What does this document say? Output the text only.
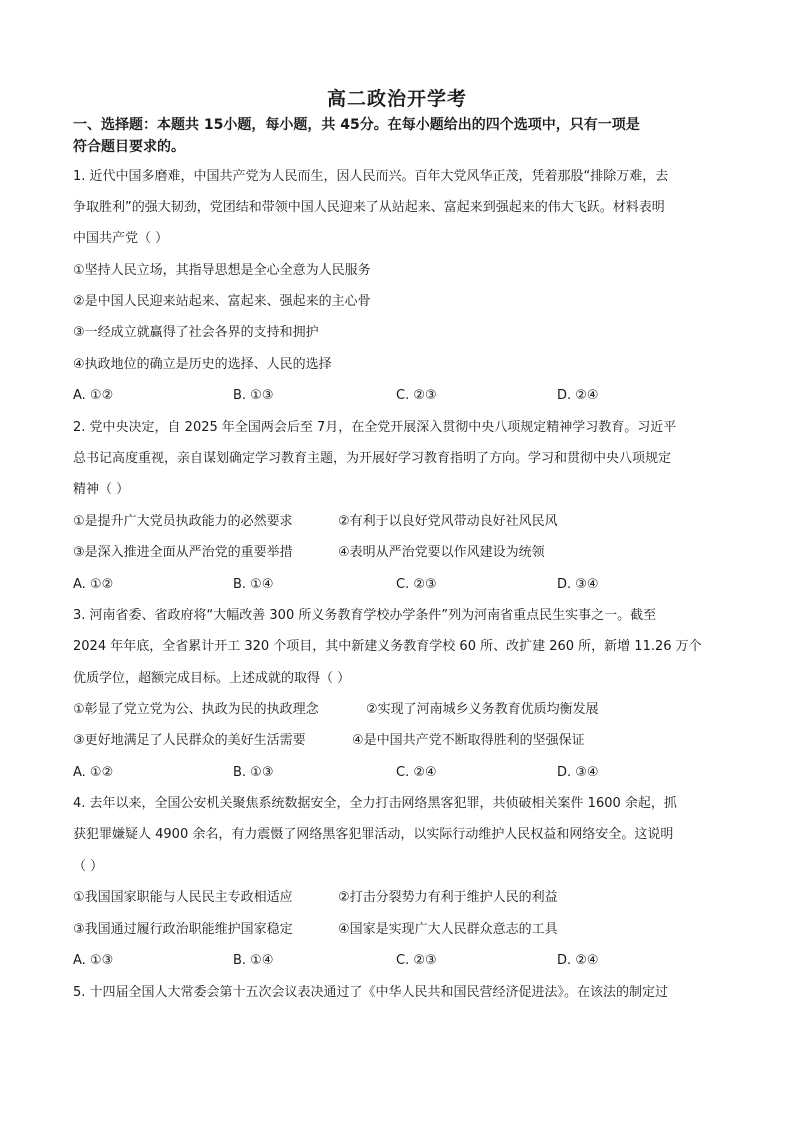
高二政治开学考
一、选择题：本题共 15小题，每小题，共 45分。在每小题给出的四个选项中，只有一项是
符合题目要求的。
1. 近代中国多磨难，中国共产党为人民而生，因人民而兴。百年大党风华正茂，凭着那股“排除万难，去
争取胜利”的强大韧劲，党团结和带领中国人民迎来了从站起来、富起来到强起来的伟大飞跃。材料表明
中国共产党（ ）
①坚持人民立场，其指导思想是全心全意为人民服务
②是中国人民迎来站起来、富起来、强起来的主心骨
③一经成立就赢得了社会各界的支持和拥护
④执政地位的确立是历史的选择、人民的选择
A. ①②	B. ①③	C. ②③	D. ②④
2. 党中央决定，自 2025 年全国两会后至 7月，在全党开展深入贯彻中央八项规定精神学习教育。习近平
总书记高度重视，亲自谋划确定学习教育主题，为开展好学习教育指明了方向。学习和贯彻中央八项规定
精神（ ）
①是提升广大党员执政能力的必然要求	②有利于以良好党风带动良好社风民风
③是深入推进全面从严治党的重要举措	④表明从严治党要以作风建设为统领
A. ①②	B. ①④	C. ②③	D. ③④
3. 河南省委、省政府将“大幅改善 300 所义务教育学校办学条件”列为河南省重点民生实事之一。截至
2024 年年底，全省累计开工 320 个项目，其中新建义务教育学校 60 所、改扩建 260 所，新增 11.26 万个
优质学位，超额完成目标。上述成就的取得（ ）
①彰显了党立党为公、执政为民的执政理念	②实现了河南城乡义务教育优质均衡发展
③更好地满足了人民群众的美好生活需要	④是中国共产党不断取得胜利的坚强保证
A. ①②	B. ①③	C. ②④	D. ③④
4. 去年以来，全国公安机关聚焦系统数据安全，全力打击网络黑客犯罪，共侦破相关案件 1600 余起，抓
获犯罪嫌疑人 4900 余名，有力震慑了网络黑客犯罪活动，以实际行动维护人民权益和网络安全。这说明
（ ）
①我国国家职能与人民民主专政相适应	②打击分裂势力有利于维护人民的利益
③我国通过履行政治职能维护国家稳定	④国家是实现广大人民群众意志的工具
A. ①③	B. ①④	C. ②③	D. ②④
5. 十四届全国人大常委会第十五次会议表决通过了《中华人民共和国民营经济促进法》。在该法的制定过
